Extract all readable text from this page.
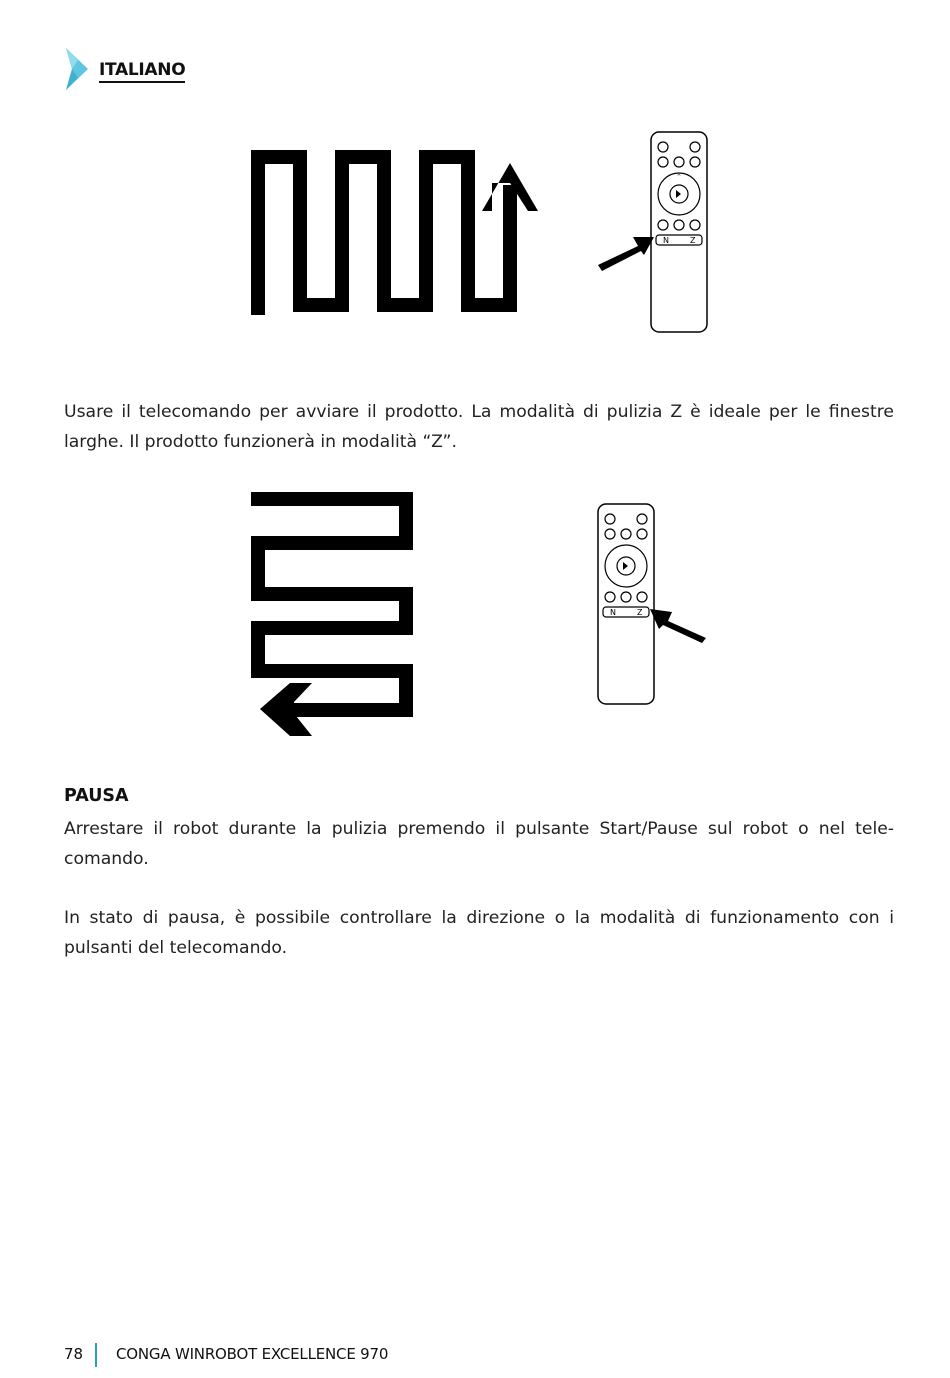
ITALIANO
^
N	Z
Usare il telecomando per avviare il prodotto. La modalità di pulizia Z è ideale per le finestre larghe. Il prodotto funzionerà in modalità “Z”.
N	Z
PAUSA
Arrestare il robot durante la pulizia premendo il pulsante Start/Pause sul robot o nel tele-comando.
In stato di pausa, è possibile controllare la direzione o la modalità di funzionamento con i pulsanti del telecomando.
78 CONGA WINROBOT EXCELLENCE 970
